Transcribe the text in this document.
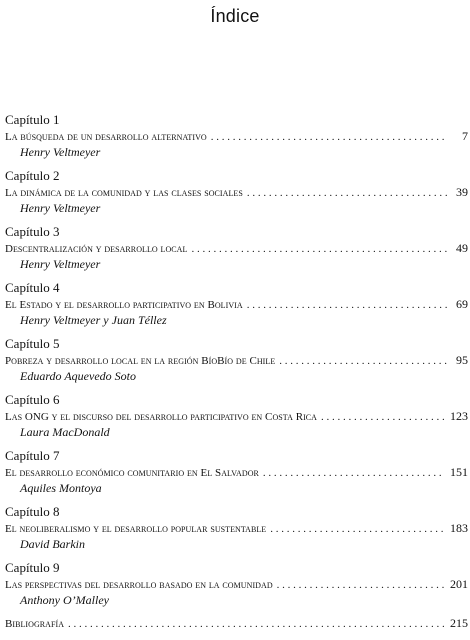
Índice
Capítulo 1
La búsqueda de un desarrollo alternativo . . .	7
Henry Veltmeyer
Capítulo 2
La dinámica de la comunidad y las clases sociales . . .	39
Henry Veltmeyer
Capítulo 3
Descentralización y desarrollo local . . .	49
Henry Veltmeyer
Capítulo 4
El Estado y el desarrollo participativo en Bolivia . . .	69
Henry Veltmeyer y Juan Téllez
Capítulo 5
Pobreza y desarrollo local en la región BíoBío de Chile . . .	95
Eduardo Aquevedo Soto
Capítulo 6
Las ONG y el discurso del desarrollo participativo en Costa Rica . . .	123
Laura MacDonald
Capítulo 7
El desarrollo económico comunitario en El Salvador . . .	151
Aquiles Montoya
Capítulo 8
El neoliberalismo y el desarrollo popular sustentable . . .	183
David Barkin
Capítulo 9
Las perspectivas del desarrollo basado en la comunidad . . .	201
Anthony O’Malley
Bibliografía . . .	215
